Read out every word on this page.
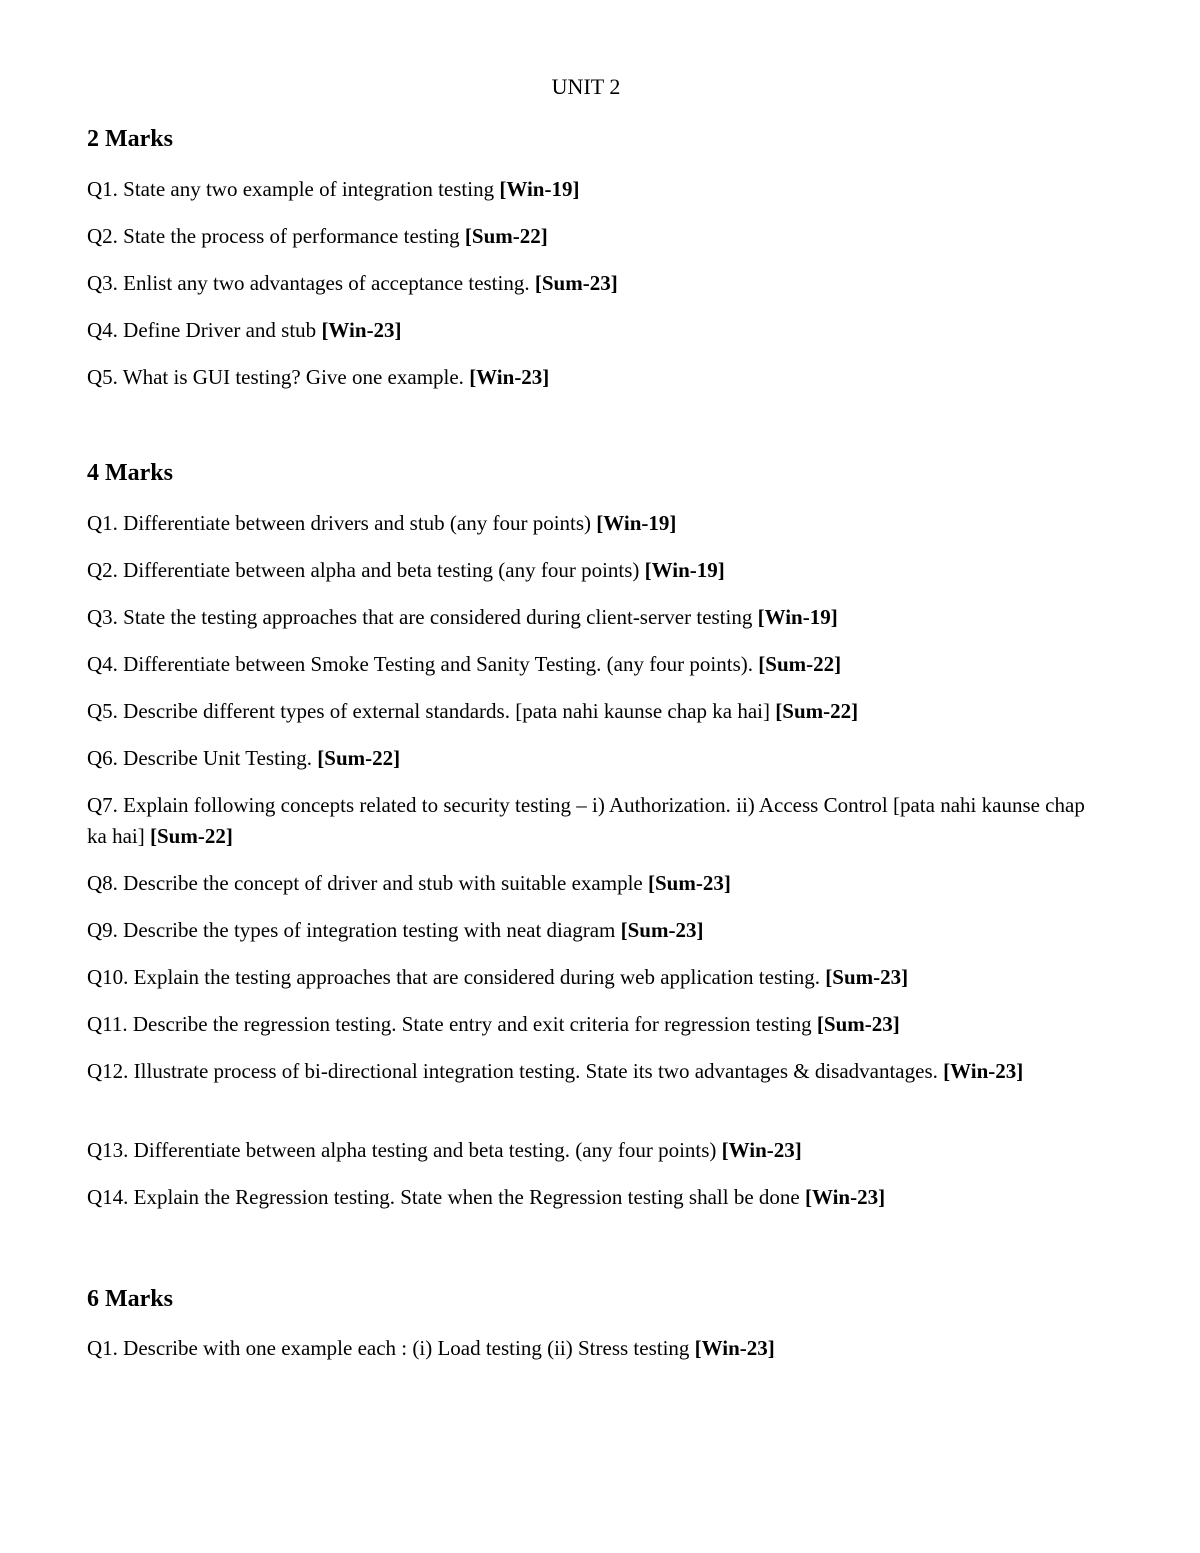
UNIT 2
2 Marks
Q1. State any two example of integration testing [Win-19]
Q2. State the process of performance testing [Sum-22]
Q3. Enlist any two advantages of acceptance testing. [Sum-23]
Q4. Define Driver and stub [Win-23]
Q5. What is GUI testing? Give one example. [Win-23]
4 Marks
Q1. Differentiate between drivers and stub (any four points) [Win-19]
Q2. Differentiate between alpha and beta testing (any four points) [Win-19]
Q3. State the testing approaches that are considered during client-server testing [Win-19]
Q4. Differentiate between Smoke Testing and Sanity Testing. (any four points). [Sum-22]
Q5. Describe different types of external standards. [pata nahi kaunse chap ka hai] [Sum-22]
Q6. Describe Unit Testing. [Sum-22]
Q7. Explain following concepts related to security testing – i) Authorization. ii) Access Control [pata nahi kaunse chap ka hai] [Sum-22]
Q8. Describe the concept of driver and stub with suitable example [Sum-23]
Q9. Describe the types of integration testing with neat diagram [Sum-23]
Q10. Explain the testing approaches that are considered during web application testing. [Sum-23]
Q11. Describe the regression testing. State entry and exit criteria for regression testing [Sum-23]
Q12. Illustrate process of bi-directional integration testing. State its two advantages & disadvantages. [Win-23]
Q13. Differentiate between alpha testing and beta testing. (any four points) [Win-23]
Q14. Explain the Regression testing. State when the Regression testing shall be done [Win-23]
6 Marks
Q1. Describe with one example each : (i) Load testing (ii) Stress testing [Win-23]
